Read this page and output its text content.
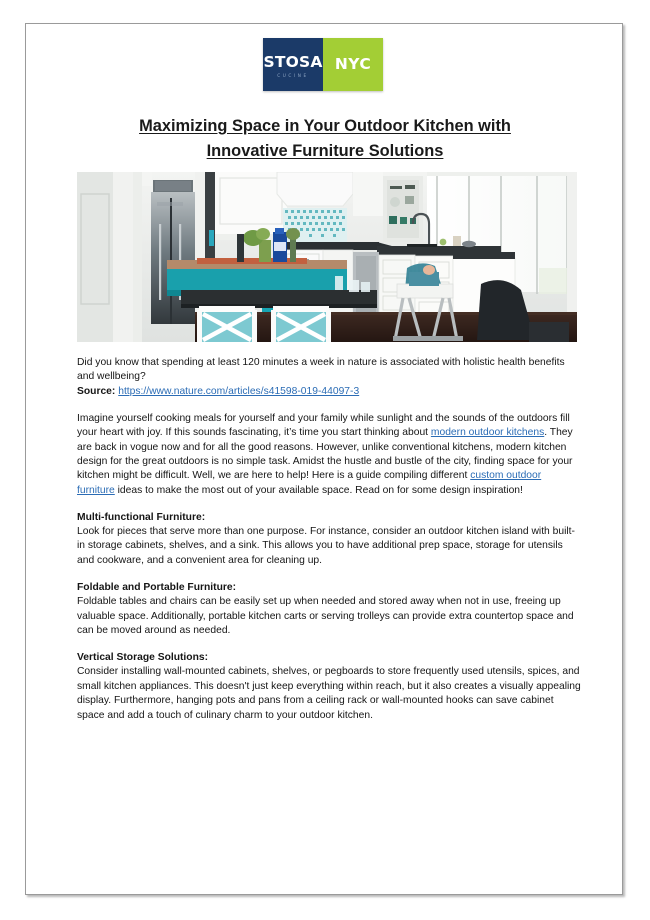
STOSA
CUCINE
NYC
Maximizing Space in Your Outdoor Kitchen with
Innovative Furniture Solutions

Did you know that spending at least 120 minutes a week in nature is associated with holistic health benefits and wellbeing?
Source: https://www.nature.com/articles/s41598-019-44097-3

Imagine yourself cooking meals for yourself and your family while sunlight and the sounds of the outdoors fill your heart with joy. If this sounds fascinating, it’s time you start thinking about modern outdoor kitchens. They are back in vogue now and for all the good reasons. However, unlike conventional kitchens, modern kitchen design for the great outdoors is no simple task. Amidst the hustle and bustle of the city, finding space for your kitchen might be difficult. Well, we are here to help! Here is a guide compiling different custom outdoor furniture ideas to make the most out of your available space. Read on for some design inspiration!

Multi-functional Furniture:
Look for pieces that serve more than one purpose. For instance, consider an outdoor kitchen island with built-in storage cabinets, shelves, and a sink. This allows you to have additional prep space, storage for utensils and cookware, and a convenient area for cleaning up.

Foldable and Portable Furniture:
Foldable tables and chairs can be easily set up when needed and stored away when not in use, freeing up valuable space. Additionally, portable kitchen carts or serving trolleys can provide extra countertop space and can be moved around as needed.

Vertical Storage Solutions:
Consider installing wall-mounted cabinets, shelves, or pegboards to store frequently used utensils, spices, and small kitchen appliances. This doesn't just keep everything within reach, but it also creates a visually appealing display. Furthermore, hanging pots and pans from a ceiling rack or wall-mounted hooks can save cabinet space and add a touch of culinary charm to your outdoor kitchen.
